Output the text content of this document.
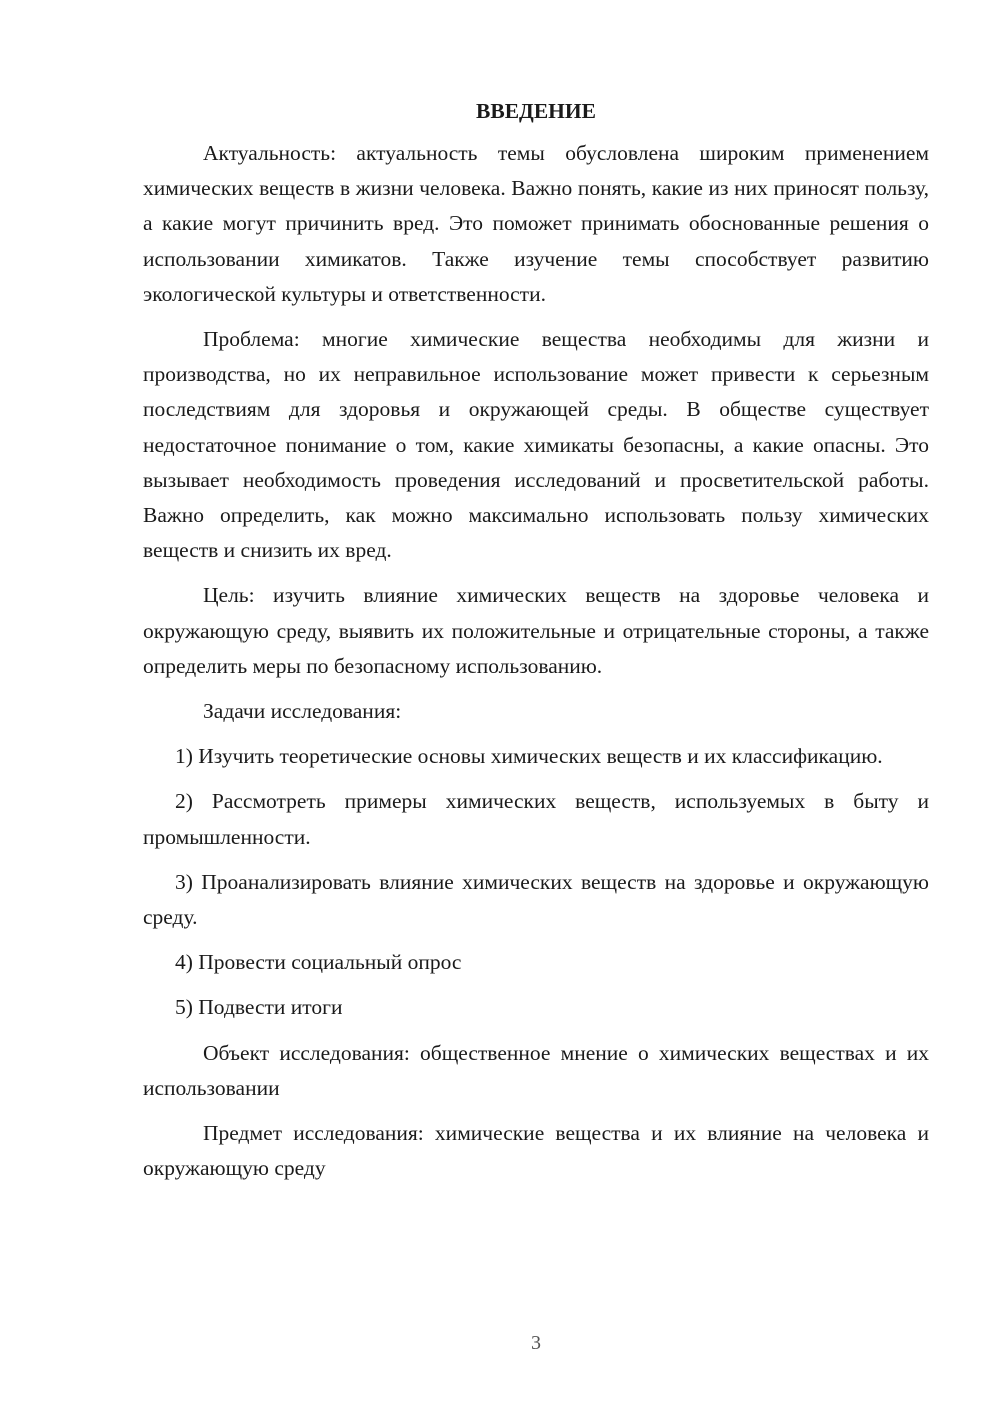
ВВЕДЕНИЕ

Актуальность: актуальность темы обусловлена широким применением химических веществ в жизни человека. Важно понять, какие из них приносят пользу, а какие могут причинить вред. Это поможет принимать обоснованные решения о использовании химикатов. Также изучение темы способствует развитию экологической культуры и ответственности.

Проблема: многие химические вещества необходимы для жизни и производства, но их неправильное использование может привести к серьезным последствиям для здоровья и окружающей среды. В обществе существует недостаточное понимание о том, какие химикаты безопасны, а какие опасны. Это вызывает необходимость проведения исследований и просветительской работы. Важно определить, как можно максимально использовать пользу химических веществ и снизить их вред.

Цель: изучить влияние химических веществ на здоровье человека и окружающую среду, выявить их положительные и отрицательные стороны, а также определить меры по безопасному использованию.

Задачи исследования:

1) Изучить теоретические основы химических веществ и их классификацию.

2) Рассмотреть примеры химических веществ, используемых в быту и промышленности.

3) Проанализировать влияние химических веществ на здоровье и окружающую среду.

4) Провести социальный опрос

5) Подвести итоги

Объект исследования: общественное мнение о химических веществах и их использовании

Предмет исследования: химические вещества и их влияние на человека и окружающую среду

3
